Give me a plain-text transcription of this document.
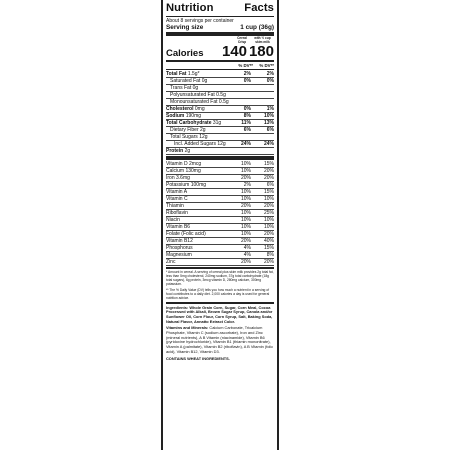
Nutrition	Facts
About 8 servings per container
Serving size	1 cup (36g)
Cereal Crisp
with ½ cup skim milk
Calories	140 180
% DV**	% DV**
Total Fat 1.5g*	2%	2%
Saturated Fat 0g	0%	0%
Trans Fat 0g
Polyunsaturated Fat 0.5g
Monounsaturated Fat 0.5g
Cholesterol 0mg	0%	1%
Sodium 190mg	8%	10%
Total Carbohydrate 31g	11%	13%
Dietary Fiber 2g	6%	6%
Total Sugars 12g
Incl. Added Sugars 12g	24%	24%
Protein 2g
Vitamin D 2mcg	10%	15%
Calcium 130mg	10%	20%
Iron 3.6mg	20%	20%
Potassium 100mg	2%	6%
Vitamin A	10%	15%
Vitamin C	10%	10%
Thiamin	20%	20%
Riboflavin	10%	25%
Niacin	10%	10%
Vitamin B6	10%	10%
Folate (Folic acid)	10%	20%
Vitamin B12	20%	40%
Phosphorus	4%	15%
Magnesium	4%	8%
Zinc	20%	20%
* Amount in cereal. A serving of cereal plus skim milk provides 2g total fat, less than 5mg cholesterol, 240mg sodium, 37g total carbohydrate (18g total sugars), 6g protein, 3mcg vitamin D, 280mg calcium, 300mg potassium.
** The % Daily Value (DV) tells you how much a nutrient in a serving of food contributes to a daily diet. 2,000 calories a day is used for general nutrition advice.
Ingredients: Whole Grain Corn, Sugar, Corn Meal, Cocoa Processed with Alkali, Brown Sugar Syrup, Canola and/or Sunflower Oil, Corn Flour, Corn Syrup, Salt, Baking Soda, Natural Flavor, Annatto Extract Color.
Vitamins and Minerals: Calcium Carbonate, Tricalcium Phosphate, Vitamin C (sodium ascorbate), Iron and Zinc (mineral nutrients), A B Vitamin (niacinamide), Vitamin B6 (pyridoxine hydrochloride), Vitamin B1 (thiamin mononitrate), Vitamin A (palmitate), Vitamin B2 (riboflavin), A B Vitamin (folic acid), Vitamin B12, Vitamin D3.
CONTAINS WHEAT INGREDIENTS.
